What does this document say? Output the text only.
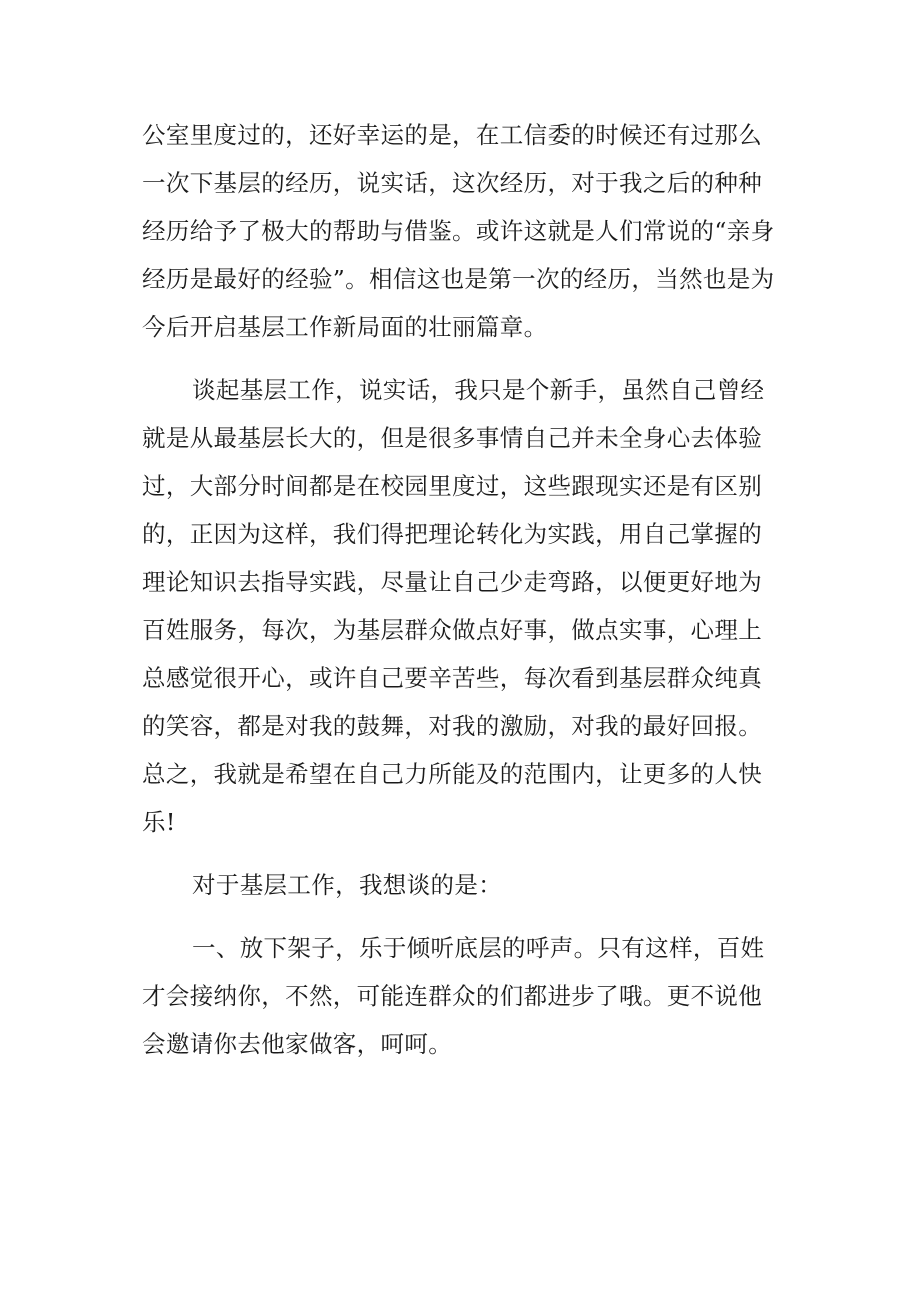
公室里度过的，还好幸运的是，在工信委的时候还有过那么
一次下基层的经历，说实话，这次经历，对于我之后的种种
经历给予了极大的帮助与借鉴。或许这就是人们常说的“亲身
经历是最好的经验”。相信这也是第一次的经历，当然也是为
今后开启基层工作新局面的壮丽篇章。
谈起基层工作，说实话，我只是个新手，虽然自己曾经
就是从最基层长大的，但是很多事情自己并未全身心去体验
过，大部分时间都是在校园里度过，这些跟现实还是有区别
的，正因为这样，我们得把理论转化为实践，用自己掌握的
理论知识去指导实践，尽量让自己少走弯路，以便更好地为
百姓服务，每次，为基层群众做点好事，做点实事，心理上
总感觉很开心，或许自己要辛苦些，每次看到基层群众纯真
的笑容，都是对我的鼓舞，对我的激励，对我的最好回报。
总之，我就是希望在自己力所能及的范围内，让更多的人快
乐!
对于基层工作，我想谈的是：
一、放下架子，乐于倾听底层的呼声。只有这样，百姓
才会接纳你，不然，可能连群众的们都进步了哦。更不说他
会邀请你去他家做客，呵呵。
